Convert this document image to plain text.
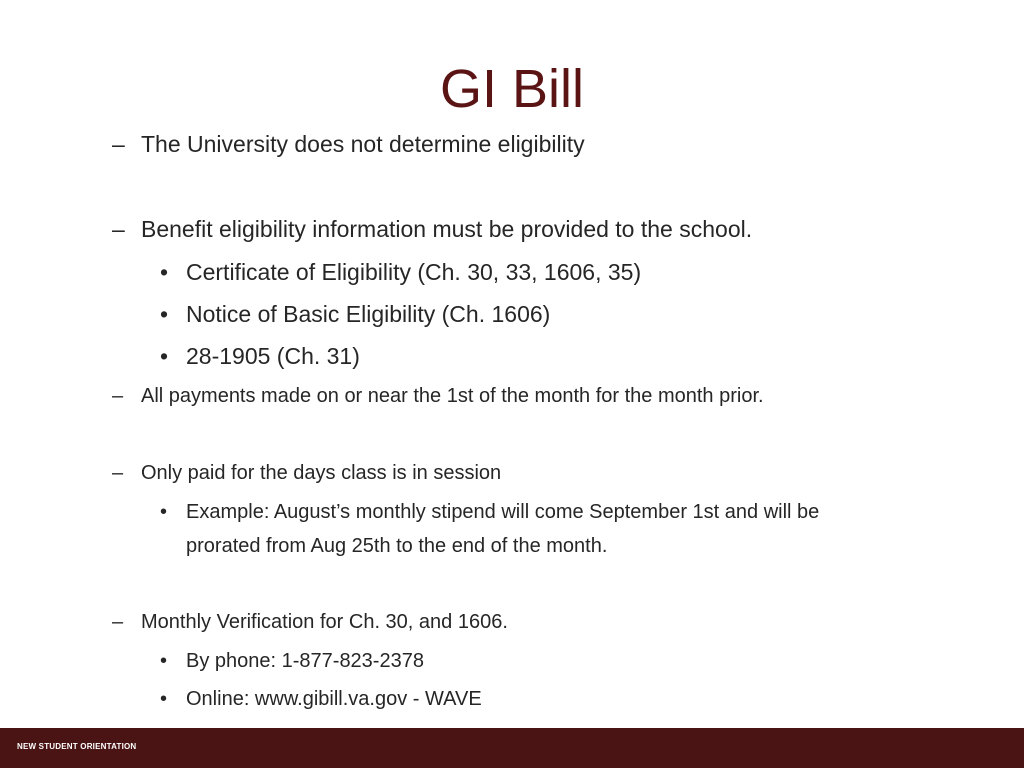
GI Bill
– The University does not determine eligibility
– Benefit eligibility information must be provided to the school.
• Certificate of Eligibility (Ch. 30, 33, 1606, 35)
• Notice of Basic Eligibility (Ch. 1606)
• 28-1905 (Ch. 31)
– All payments made on or near the 1st of the month for the month prior.
– Only paid for the days class is in session
• Example: August’s monthly stipend will come September 1st and will be
prorated from Aug 25th to the end of the month.
– Monthly Verification for Ch. 30, and 1606.
• By phone: 1-877-823-2378
• Online: www.gibill.va.gov - WAVE
NEW STUDENT ORIENTATION
